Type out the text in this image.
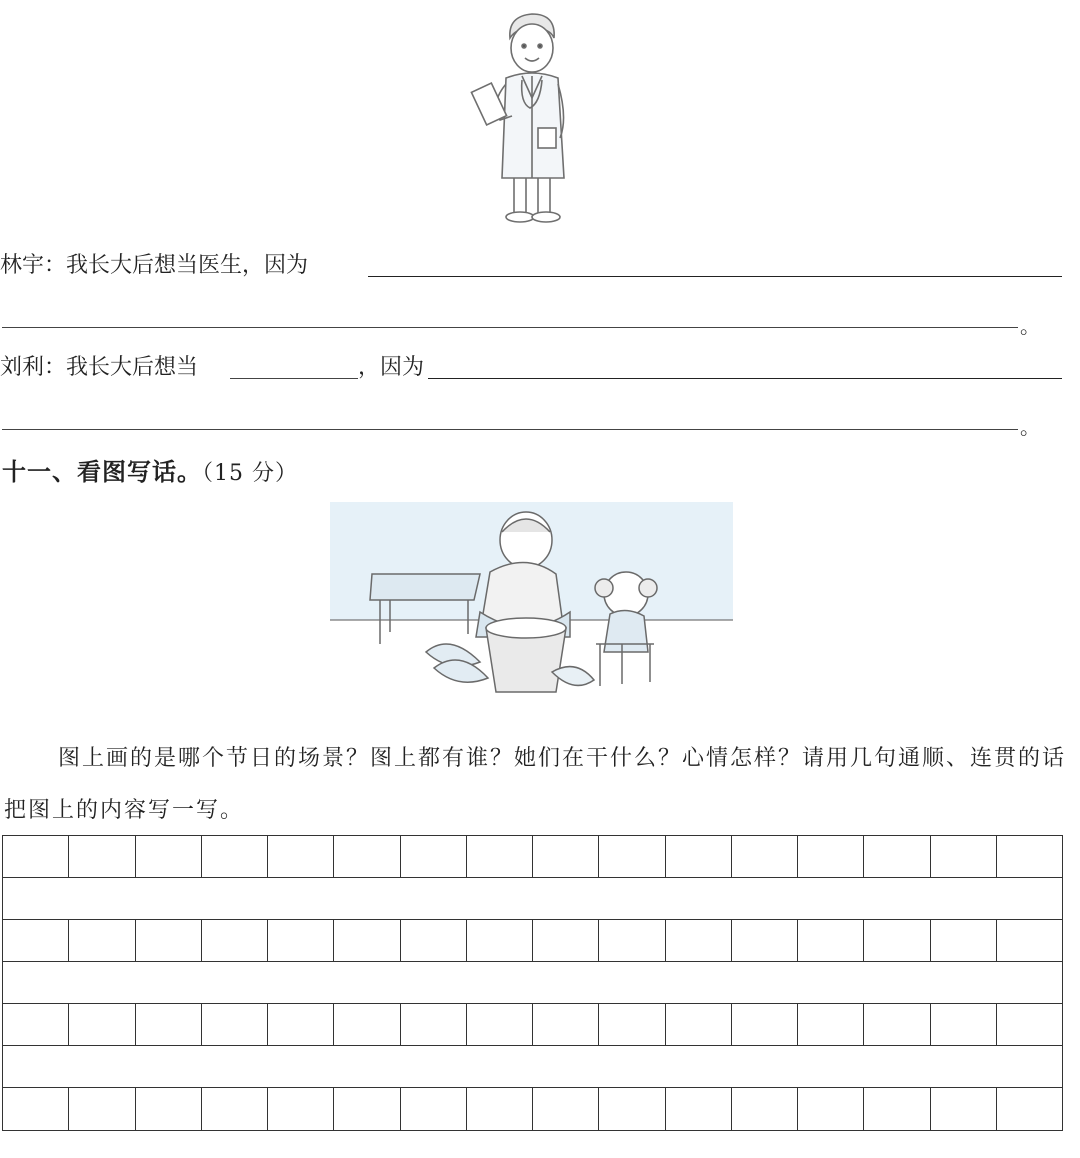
林宇：我长大后想当医生，因为
。
刘利：我长大后想当	，因为
。
十一、看图写话。（15 分）
图上画的是哪个节日的场景？图上都有谁？她们在干什么？心情怎样？请用几句通顺、连贯的话把图上的内容写一写。
